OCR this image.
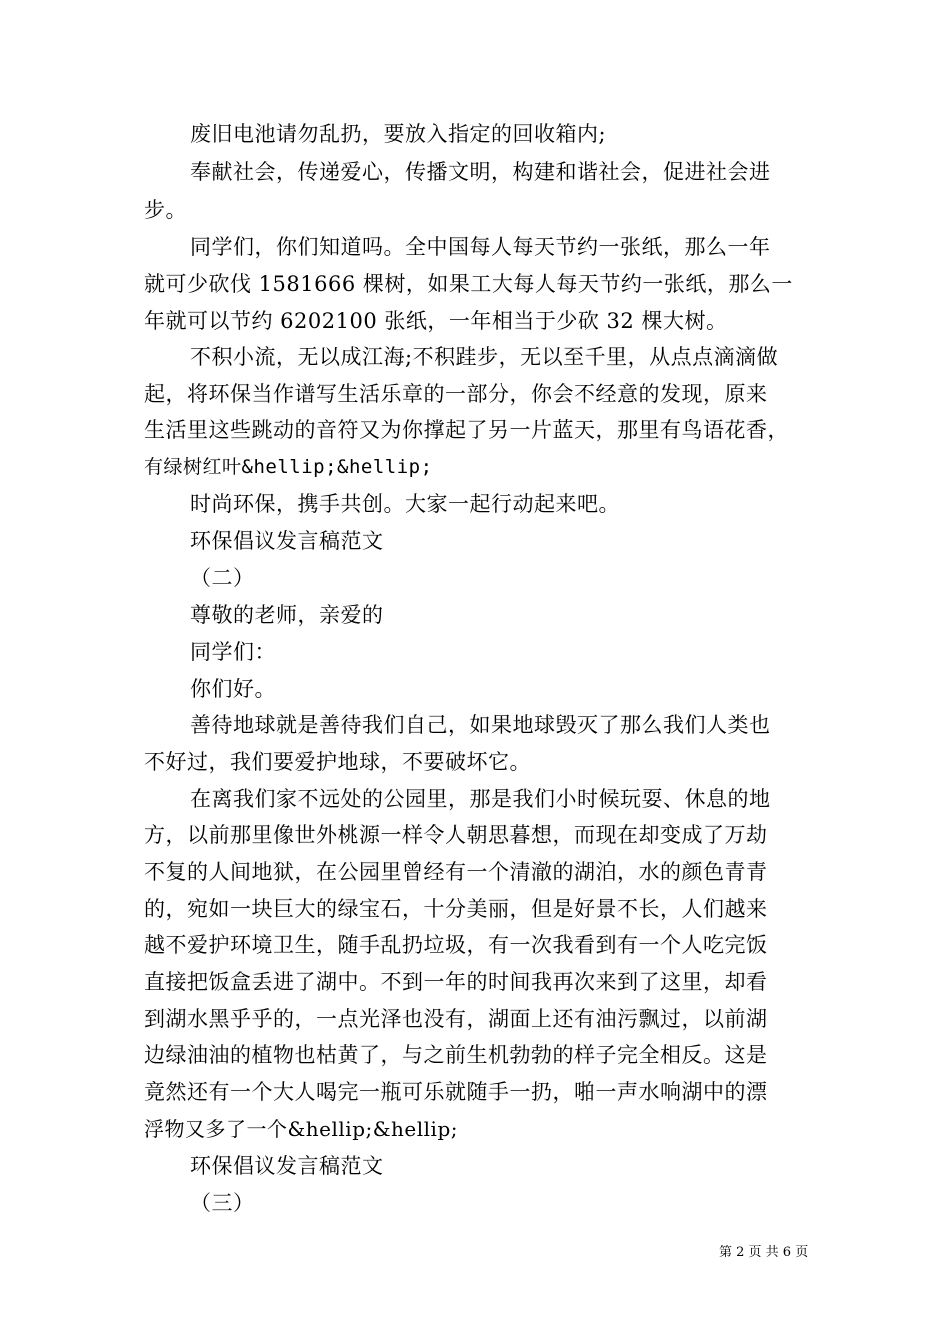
废旧电池请勿乱扔，要放入指定的回收箱内;
奉献社会，传递爱心，传播文明，构建和谐社会，促进社会进
步。
同学们，你们知道吗。全中国每人每天节约一张纸，那么一年
就可少砍伐 1581666 棵树，如果工大每人每天节约一张纸，那么一
年就可以节约 6202100 张纸，一年相当于少砍 32 棵大树。
不积小流，无以成江海;不积跬步，无以至千里，从点点滴滴做
起，将环保当作谱写生活乐章的一部分，你会不经意的发现，原来
生活里这些跳动的音符又为你撑起了另一片蓝天，那里有鸟语花香，
有绿树红叶&hellip;&hellip;
时尚环保，携手共创。大家一起行动起来吧。
环保倡议发言稿范文
（二）
尊敬的老师，亲爱的
同学们：
你们好。
善待地球就是善待我们自己，如果地球毁灭了那么我们人类也
不好过，我们要爱护地球，不要破坏它。
在离我们家不远处的公园里，那是我们小时候玩耍、休息的地
方，以前那里像世外桃源一样令人朝思暮想，而现在却变成了万劫
不复的人间地狱，在公园里曾经有一个清澈的湖泊，水的颜色青青
的，宛如一块巨大的绿宝石，十分美丽，但是好景不长，人们越来
越不爱护环境卫生，随手乱扔垃圾，有一次我看到有一个人吃完饭
直接把饭盒丢进了湖中。不到一年的时间我再次来到了这里，却看
到湖水黑乎乎的，一点光泽也没有，湖面上还有油污飘过，以前湖
边绿油油的植物也枯黄了，与之前生机勃勃的样子完全相反。这是
竟然还有一个大人喝完一瓶可乐就随手一扔，啪一声水响湖中的漂
浮物又多了一个&hellip;&hellip;
环保倡议发言稿范文
（三）
第 2 页 共 6 页
